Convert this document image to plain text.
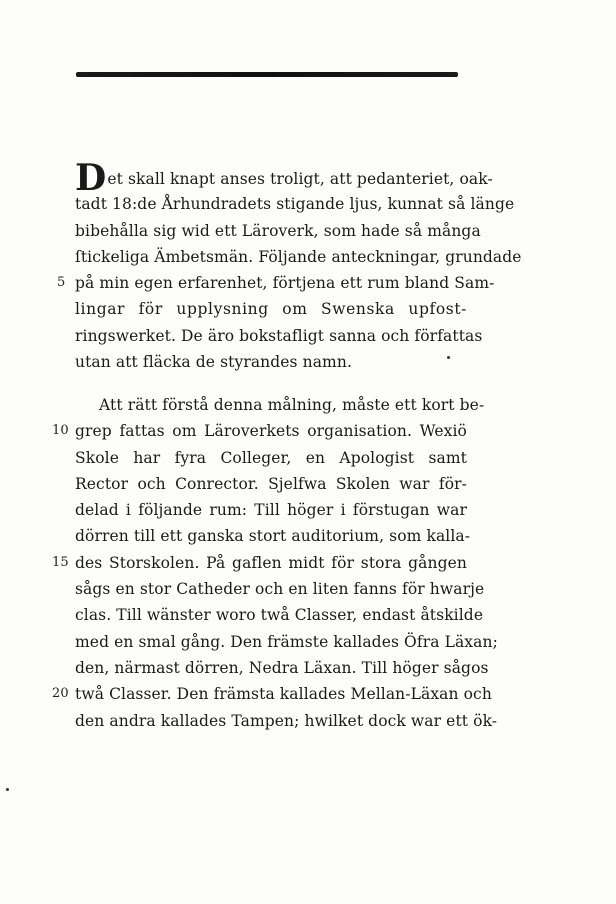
Det skall knapt anses troligt, att pedanteriet, oak-
tadt 18:de Århundradets stigande ljus, kunnat så länge
bibehålla sig wid ett Läroverk, som hade så många
ſtickeliga Ämbetsmän. Följande anteckningar, grundade
5 på min egen erfarenhet, förtjena ett rum bland Sam-
lingar för upplysning om Swenska upfost-
ringswerket. De äro bokstafligt sanna och författas
utan att fläcka de styrandes namn.
Att rätt förstå denna målning, måste ett kort be-
10 grep fattas om Läroverkets organisation. Wexiö
Skole har fyra Colleger, en Apologist samt
Rector och Conrector. Sjelfwa Skolen war för-
delad i följande rum: Till höger i förstugan war
dörren till ett ganska stort auditorium, som kalla-
15 des Storskolen. På gaflen midt för stora gången
sågs en stor Catheder och en liten fanns för hwarje
clas. Till wänster woro twå Classer, endast åtskilde
med en smal gång. Den främste kallades Öfra Läxan;
den, närmast dörren, Nedra Läxan. Till höger sågos
20 twå Classer. Den främsta kallades Mellan-Läxan och
den andra kallades Tampen; hwilket dock war ett ök-
